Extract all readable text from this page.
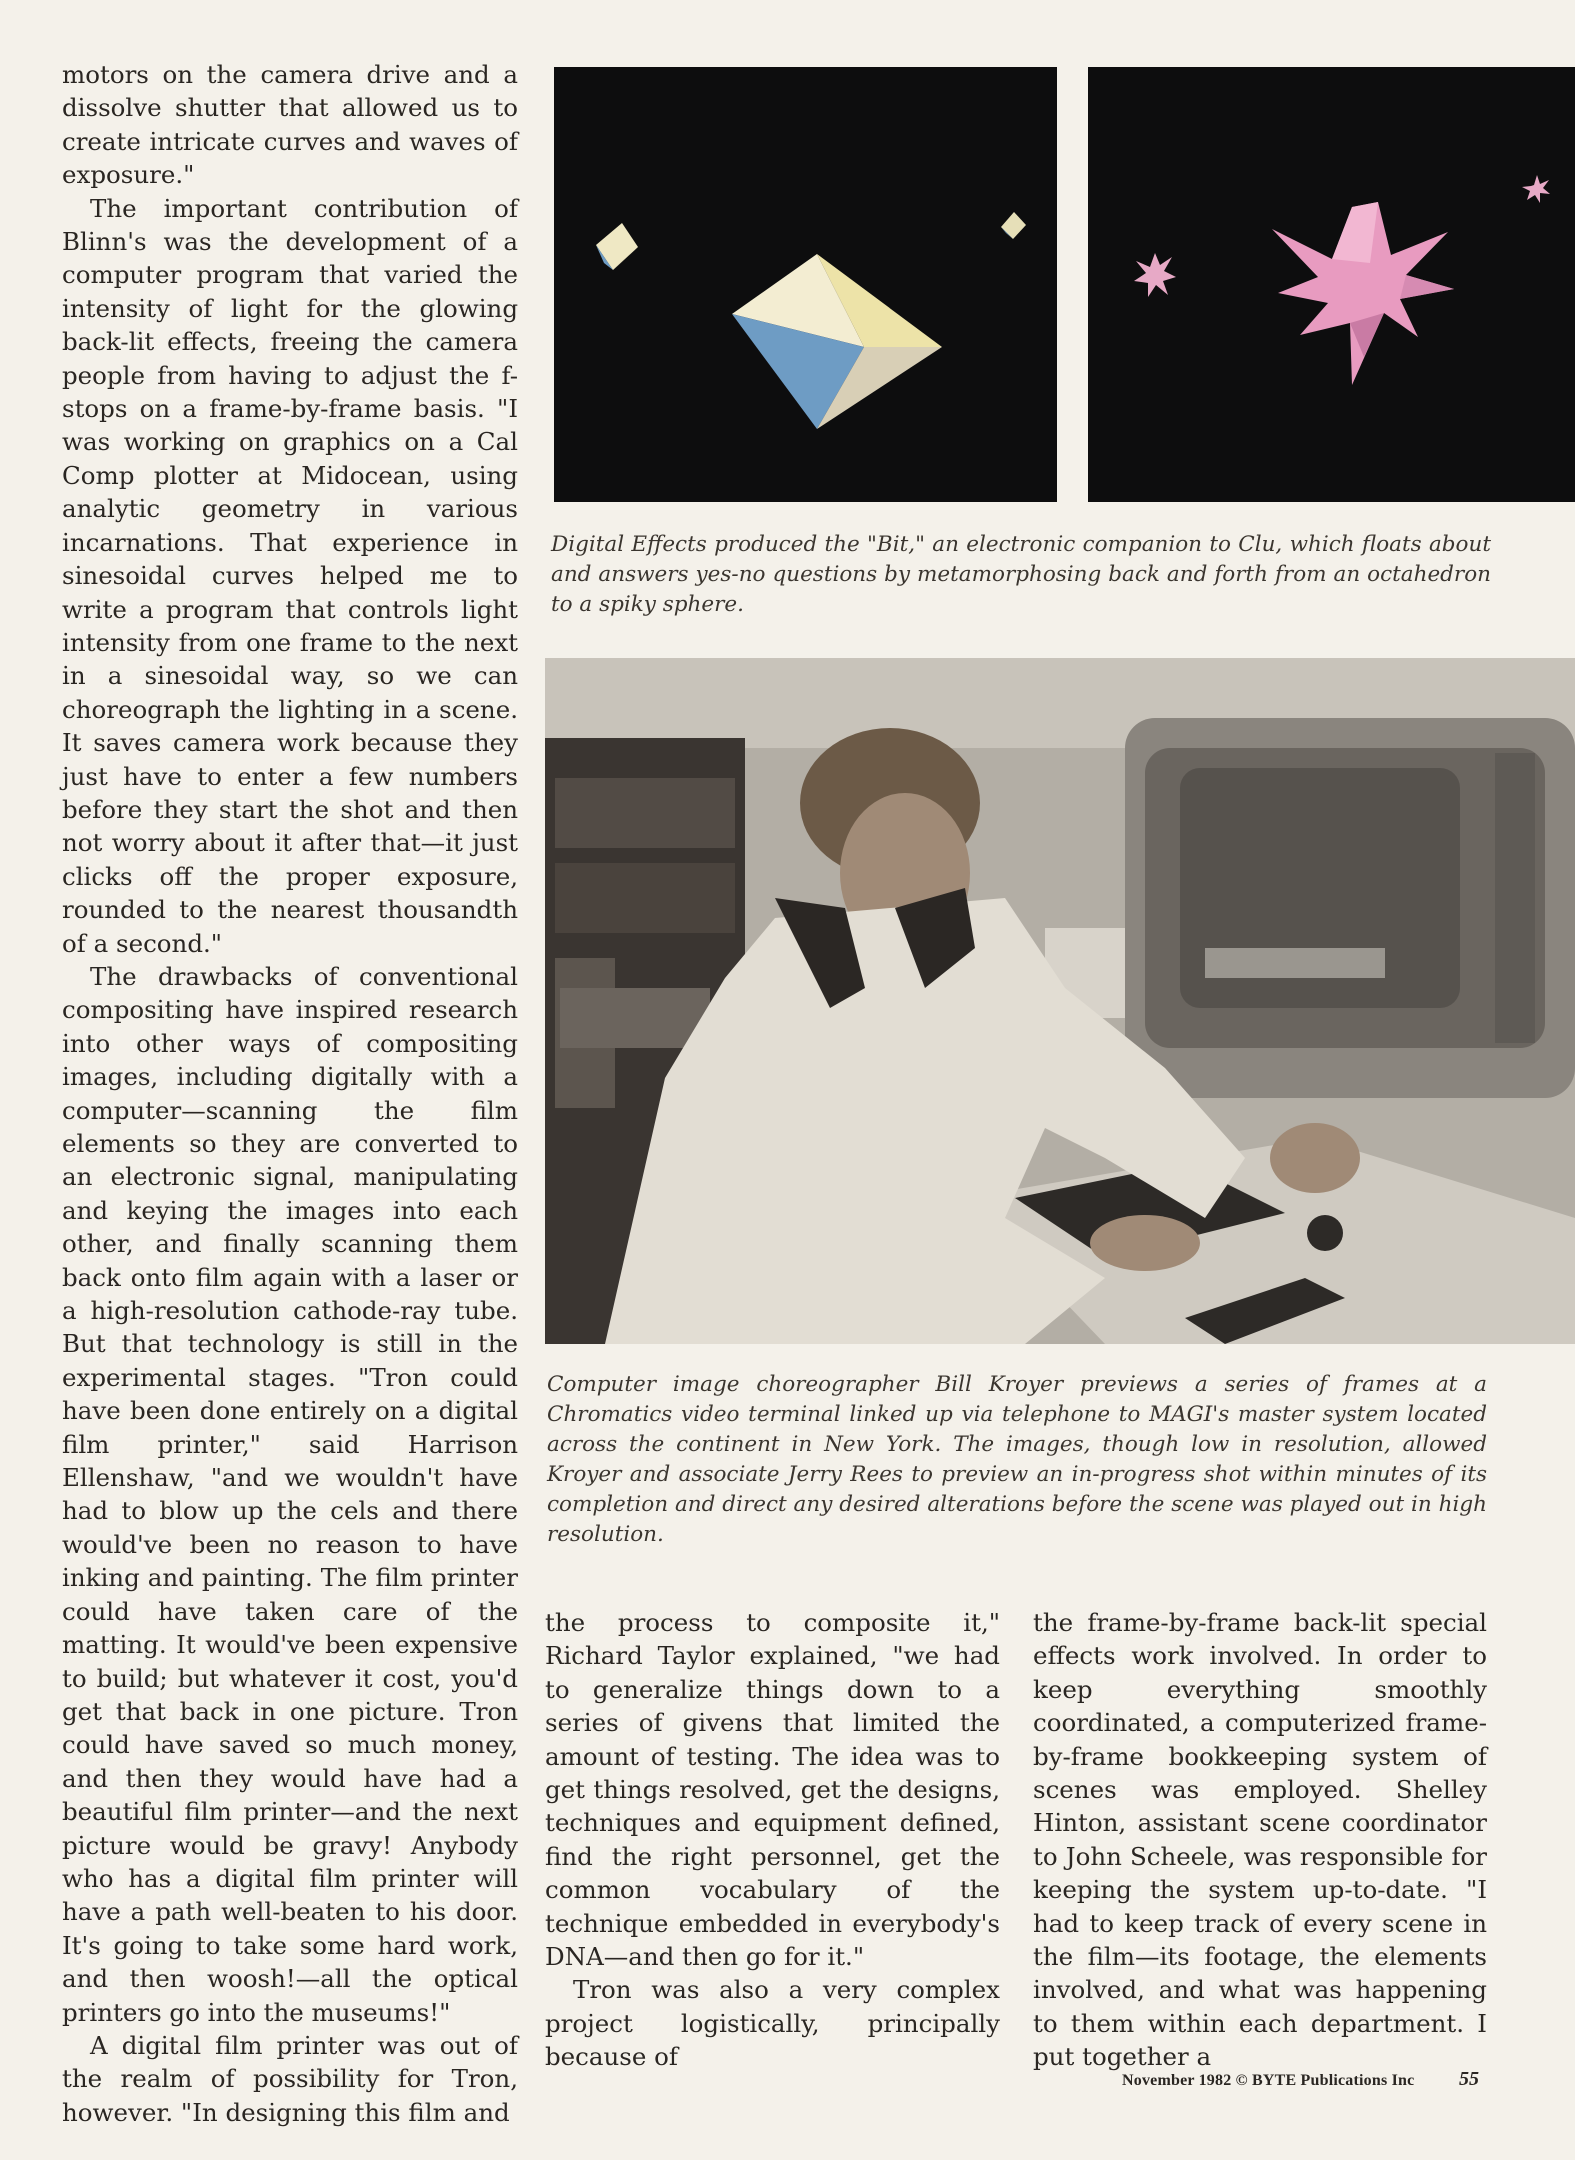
motors on the camera drive and a dissolve shutter that allowed us to create intricate curves and waves of exposure."

The important contribution of Blinn's was the development of a computer program that varied the intensity of light for the glowing back-lit effects, freeing the camera people from having to adjust the f-stops on a frame-by-frame basis. "I was working on graphics on a Cal Comp plotter at Midocean, using analytic geometry in various incarnations. That experience in sinesoidal curves helped me to write a program that controls light intensity from one frame to the next in a sinesoidal way, so we can choreograph the lighting in a scene. It saves camera work because they just have to enter a few numbers before they start the shot and then not worry about it after that—it just clicks off the proper exposure, rounded to the nearest thousandth of a second."

The drawbacks of conventional compositing have inspired research into other ways of compositing images, including digitally with a computer—scanning the film elements so they are converted to an electronic signal, manipulating and keying the images into each other, and finally scanning them back onto film again with a laser or a high-resolution cathode-ray tube. But that technology is still in the experimental stages. "Tron could have been done entirely on a digital film printer," said Harrison Ellenshaw, "and we wouldn't have had to blow up the cels and there would've been no reason to have inking and painting. The film printer could have taken care of the matting. It would've been expensive to build; but whatever it cost, you'd get that back in one picture. Tron could have saved so much money, and then they would have had a beautiful film printer—and the next picture would be gravy! Anybody who has a digital film printer will have a path well-beaten to his door. It's going to take some hard work, and then woosh!—all the optical printers go into the museums!"

A digital film printer was out of the realm of possibility for Tron, however. "In designing this film and

Digital Effects produced the "Bit," an electronic companion to Clu, which floats about and answers yes-no questions by metamorphosing back and forth from an octahedron to a spiky sphere.
Computer image choreographer Bill Kroyer previews a series of frames at a Chromatics video terminal linked up via telephone to MAGI's master system located across the continent in New York. The images, though low in resolution, allowed Kroyer and associate Jerry Rees to preview an in-progress shot within minutes of its completion and direct any desired alterations before the scene was played out in high resolution.

the process to composite it," Richard Taylor explained, "we had to generalize things down to a series of givens that limited the amount of testing. The idea was to get things resolved, get the designs, techniques and equipment defined, find the right personnel, get the common vocabulary of the technique embedded in everybody's DNA—and then go for it."

Tron was also a very complex project logistically, principally because of

the frame-by-frame back-lit special effects work involved. In order to keep everything smoothly coordinated, a computerized frame-by-frame bookkeeping system of scenes was employed. Shelley Hinton, assistant scene coordinator to John Scheele, was responsible for keeping the system up-to-date. "I had to keep track of every scene in the film—its footage, the elements involved, and what was happening to them within each department. I put together a

November 1982 © BYTE Publications Inc 55
